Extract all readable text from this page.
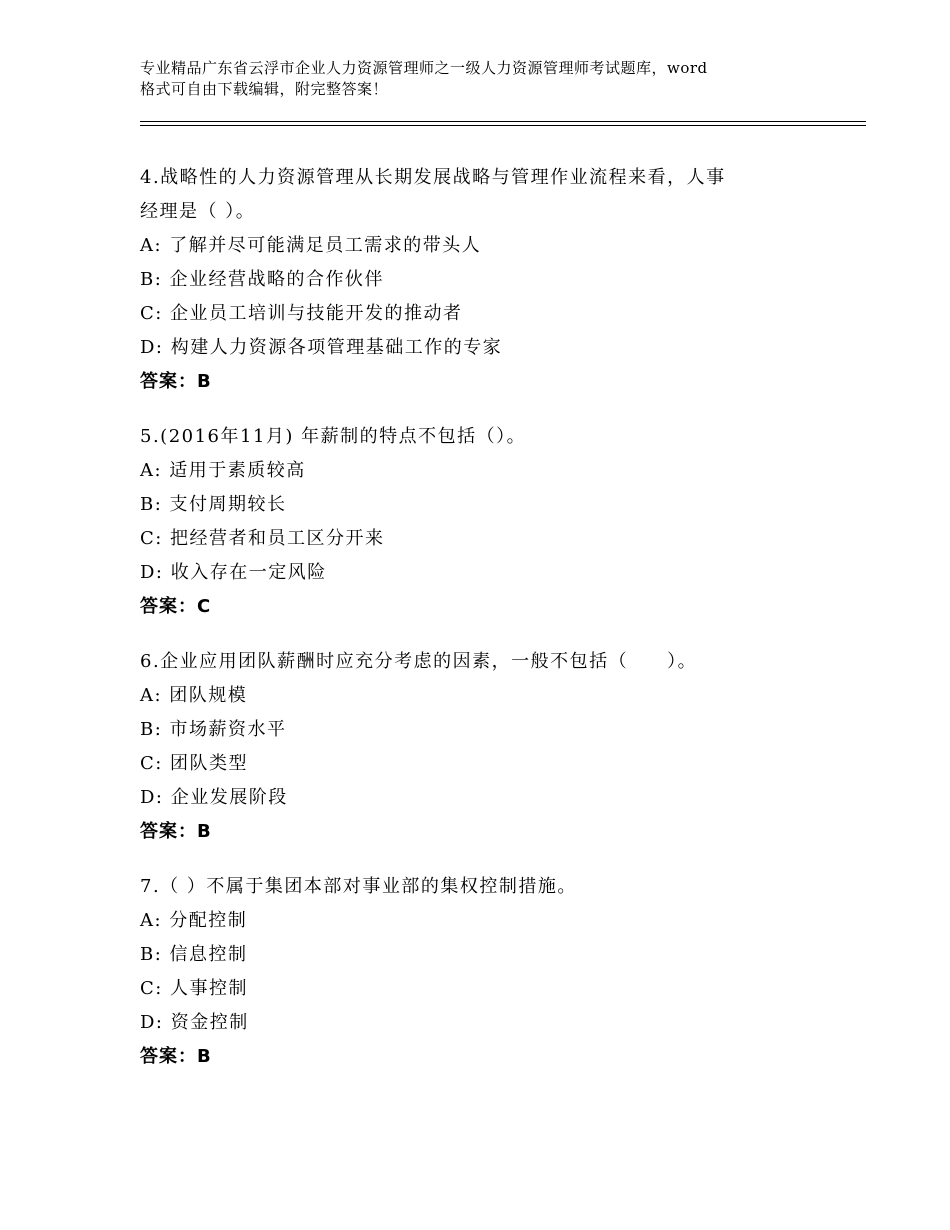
专业精品广东省云浮市企业人力资源管理师之一级人力资源管理师考试题库，word
格式可自由下载编辑，附完整答案！
4.战略性的人力资源管理从长期发展战略与管理作业流程来看，人事
经理是（ ）。
A: 了解并尽可能满足员工需求的带头人
B: 企业经营战略的合作伙伴
C: 企业员工培训与技能开发的推动者
D: 构建人力资源各项管理基础工作的专家
答案：B
5.(2016年11月) 年薪制的特点不包括（）。
A: 适用于素质较高
B: 支付周期较长
C: 把经营者和员工区分开来
D: 收入存在一定风险
答案：C
6.企业应用团队薪酬时应充分考虑的因素，一般不包括（　　）。
A: 团队规模
B: 市场薪资水平
C: 团队类型
D: 企业发展阶段
答案：B
7.（ ）不属于集团本部对事业部的集权控制措施。
A: 分配控制
B: 信息控制
C: 人事控制
D: 资金控制
答案：B
